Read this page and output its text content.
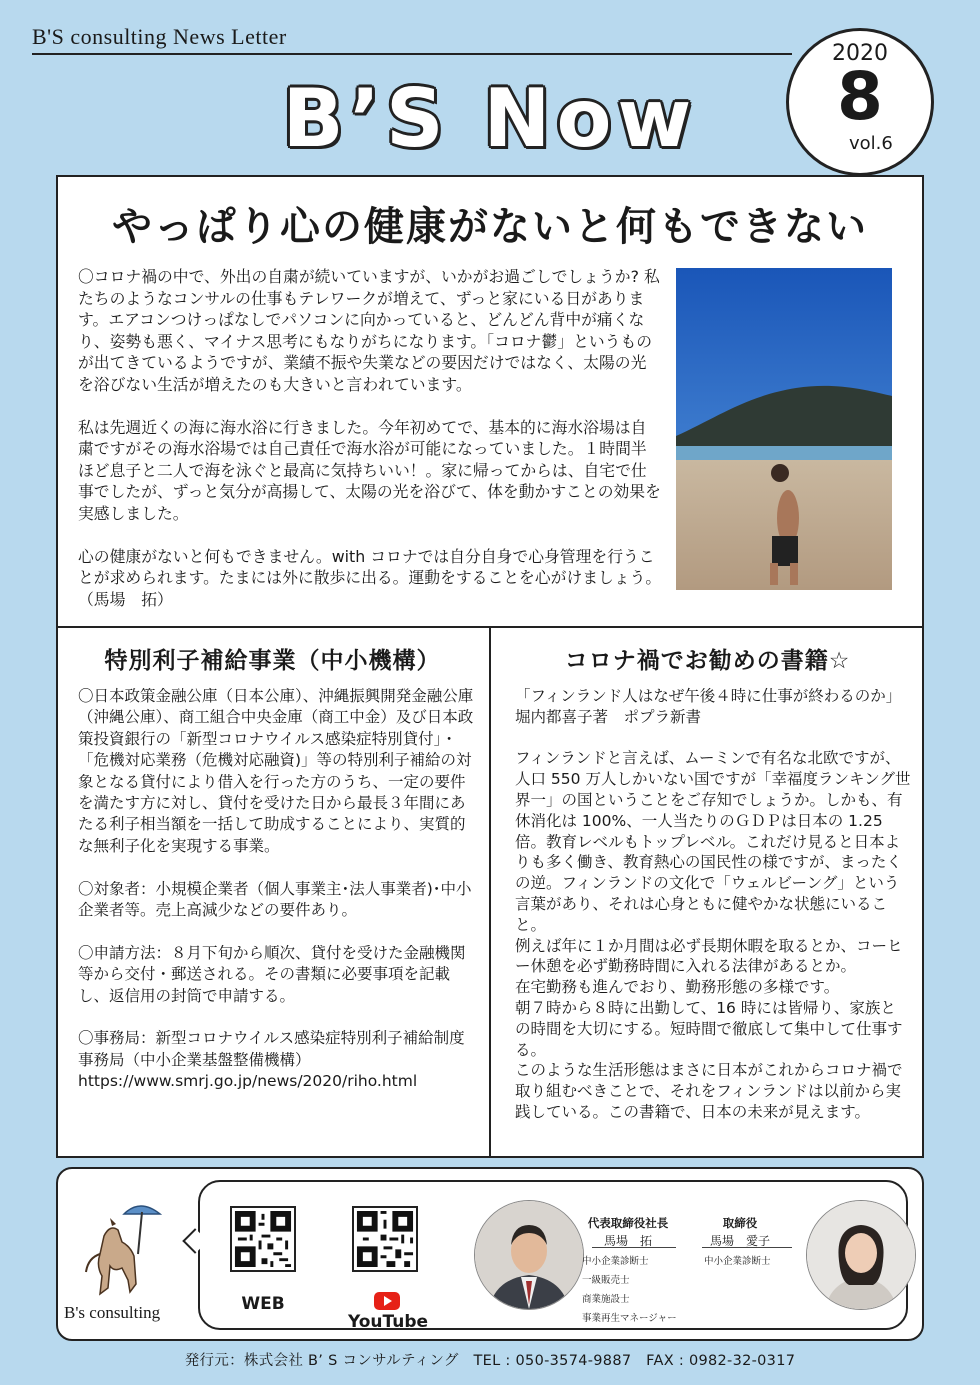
B'S consulting News Letter
B’S Now
2020
8
vol.6
やっぱり心の健康がないと何もできない

〇コロナ禍の中で、外出の自粛が続いていますが、いかがお過ごしでしょうか? 私たちのようなコンサルの仕事もテレワークが増えて、ずっと家にいる日があります。エアコンつけっぱなしでパソコンに向かっていると、どんどん背中が痛くなり、姿勢も悪く、マイナス思考にもなりがちになります。「コロナ鬱」というものが出てきているようですが、業績不振や失業などの要因だけではなく、太陽の光を浴びない生活が増えたのも大きいと言われています。

私は先週近くの海に海水浴に行きました。今年初めてで、基本的に海水浴場は自粛ですがその海水浴場では自己責任で海水浴が可能になっていました。１時間半ほど息子と二人で海を泳ぐと最高に気持ちいい！。家に帰ってからは、自宅で仕事でしたが、ずっと気分が高揚して、太陽の光を浴びて、体を動かすことの効果を実感しました。

心の健康がないと何もできません。with コロナでは自分自身で心身管理を行うことが求められます。たまには外に散歩に出る。運動をすることを心がけましょう。（馬場　拓）

特別利子補給事業（中小機構）	コロナ禍でお勧めの書籍☆

〇日本政策金融公庫（日本公庫）、沖縄振興開発金融公庫（沖縄公庫）、商工組合中央金庫（商工中金）及び日本政策投資銀行の「新型コロナウイルス感染症特別貸付」・「危機対応業務（危機対応融資)」等の特別利子補給の対象となる貸付により借入を行った方のうち、一定の要件を満たす方に対し、貸付を受けた日から最長３年間にあたる利子相当額を一括して助成することにより、実質的な無利子化を実現する事業。

〇対象者：小規模企業者（個人事業主･法人事業者)･中小企業者等。売上高減少などの要件あり。

〇申請方法：８月下旬から順次、貸付を受けた金融機関等から交付・郵送される。その書類に必要事項を記載し、返信用の封筒で申請する。

〇事務局：新型コロナウイルス感染症特別利子補給制度事務局（中小企業基盤整備機構）

https://www.smrj.go.jp/news/2020/riho.html
「フィンランド人はなぜ午後４時に仕事が終わるのか」

堀内都喜子著　ポプラ新書

フィンランドと言えば、ムーミンで有名な北欧ですが、人口 550 万人しかいない国ですが「幸福度ランキング世界一」の国ということをご存知でしょうか。しかも、有休消化は 100%、一人当たりのＧＤＰは日本の 1.25 倍。教育レベルもトップレベル。これだけ見ると日本よりも多く働き、教育熱心の国民性の様ですが、まったくの逆。フィンランドの文化で「ウェルビーング」という言葉があり、それは心身ともに健やかな状態にいること。
例えば年に１か月間は必ず長期休暇を取るとか、コーヒー休憩を必ず勤務時間に入れる法律があるとか。
在宅勤務も進んでおり、勤務形態の多様です。
朝７時から８時に出勤して、16 時には皆帰り、家族との時間を大切にする。短時間で徹底して集中して仕事する。
このような生活形態はまさに日本がこれからコロナ禍で取り組むべきことで、それをフィンランドは以前から実践している。この書籍で、日本の未来が見えます。
B's consulting	WEB
YouTube
代表取締役社長
馬場　拓
中小企業診断士
一級販売士
商業施設士
事業再生マネージャー
取締役
馬場　愛子
中小企業診断士
発行元：株式会社 B’ S コンサルティング　TEL : 050-3574-9887　FAX : 0982-32-0317
